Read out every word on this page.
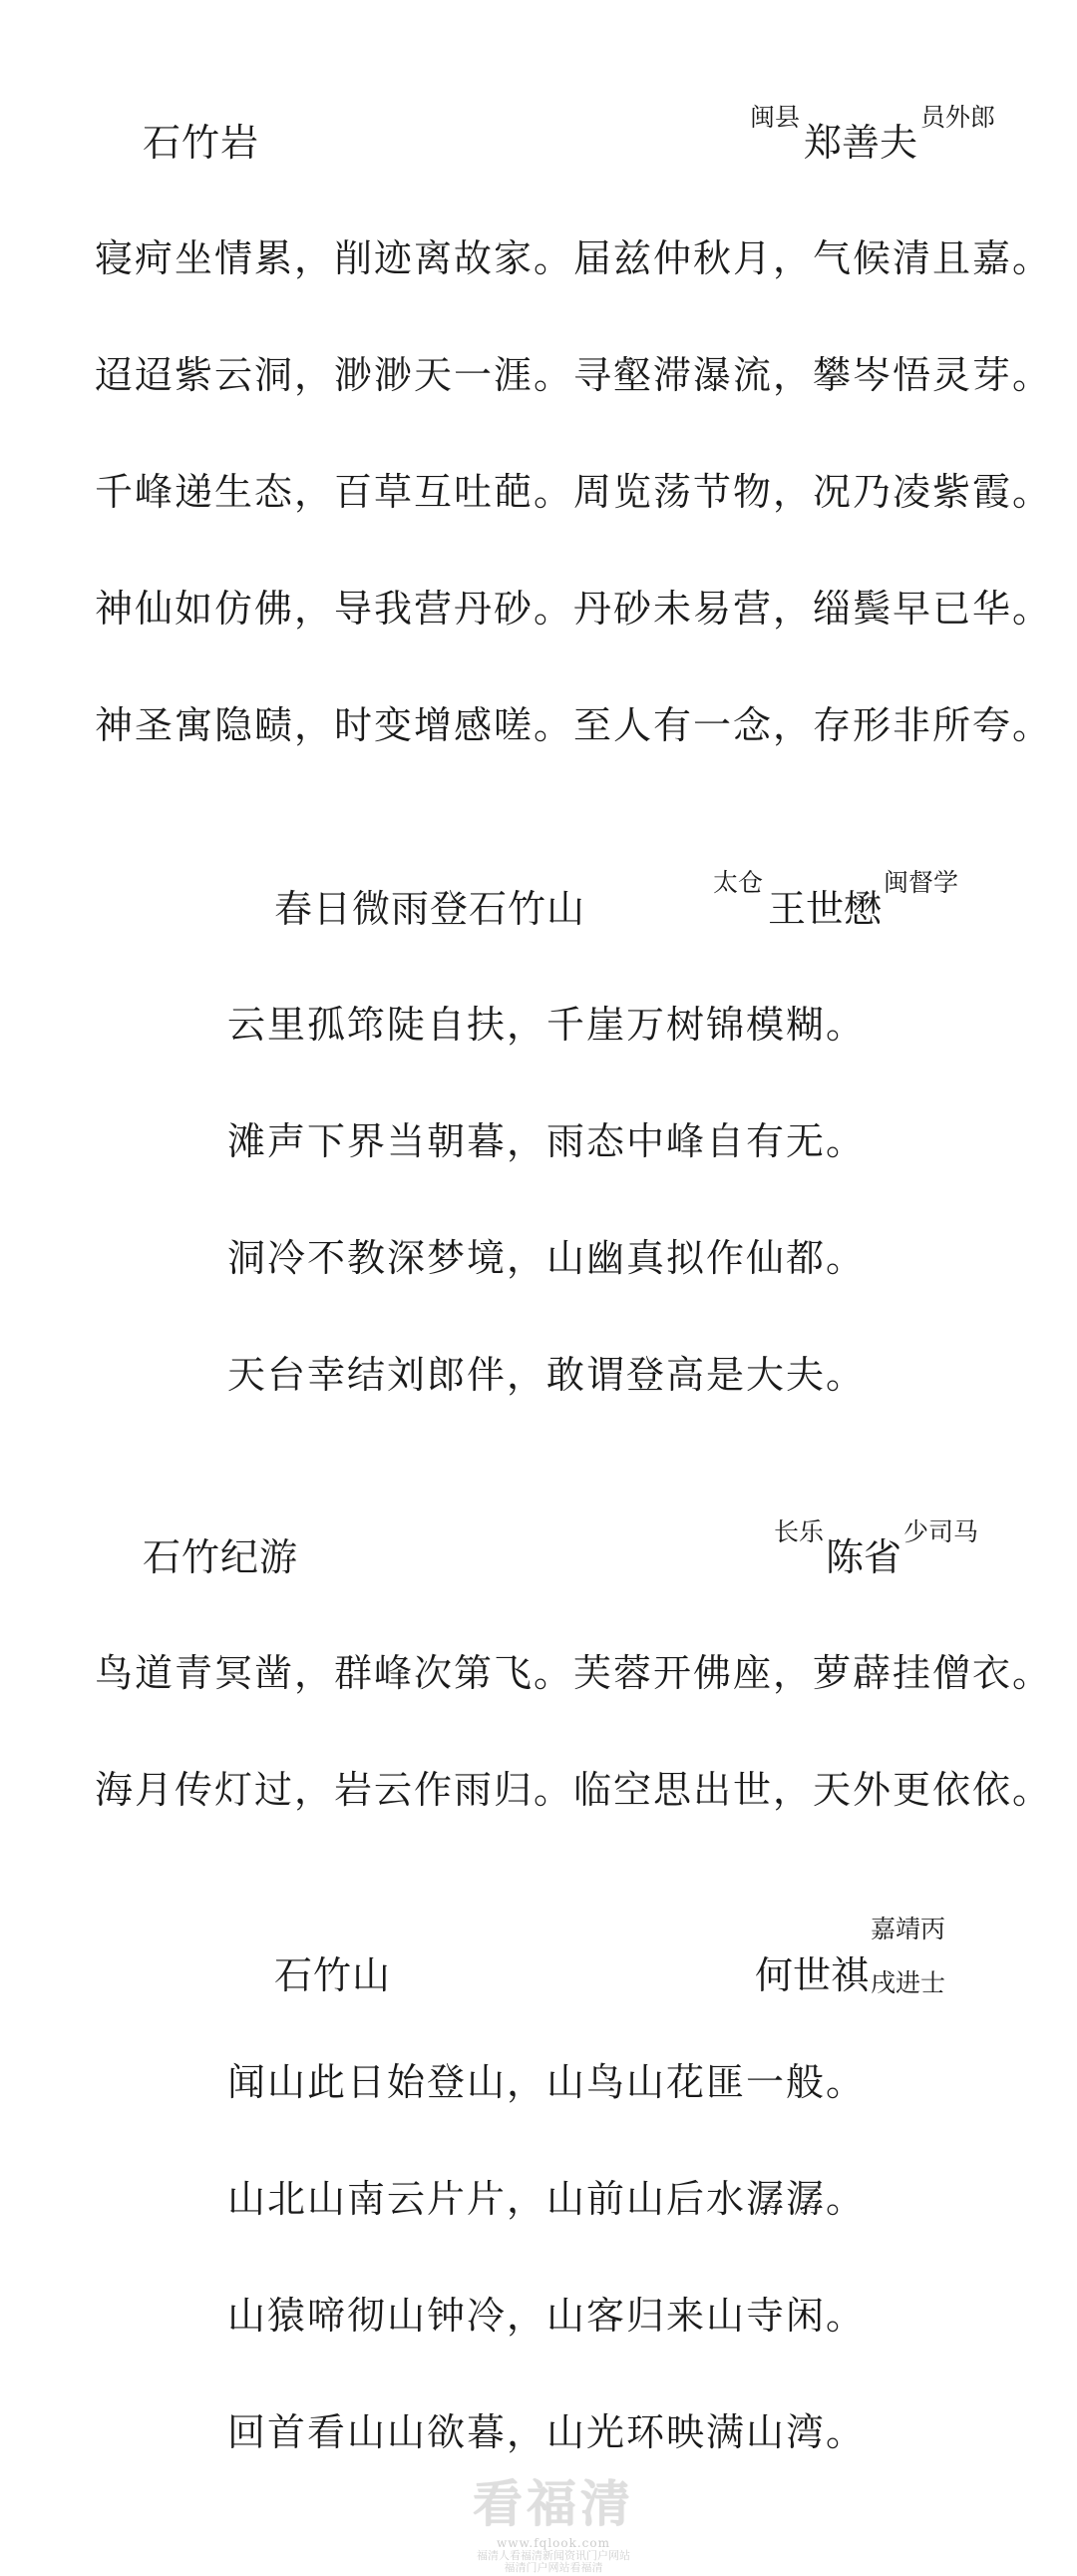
石竹岩
闽县
郑善夫
员外郎
寝疴坐情累，削迹离故家。届兹仲秋月，气候清且嘉。
迢迢紫云洞，渺渺天一涯。寻壑滞瀑流，攀岑悟灵芽。
千峰递生态，百草互吐葩。周览荡节物，况乃凌紫霞。
神仙如仿佛，导我营丹砂。丹砂未易营，缁鬓早已华。
神圣寓隐赜，时变增感嗟。至人有一念，存形非所夸。
春日微雨登石竹山
太仓
王世懋
闽督学
云里孤筇陡自扶，千崖万树锦模糊。
滩声下界当朝暮，雨态中峰自有无。
洞冷不教深梦境，山幽真拟作仙都。
天台幸结刘郎伴，敢谓登高是大夫。
石竹纪游
长乐
陈省
少司马
鸟道青冥凿，群峰次第飞。芙蓉开佛座，萝薜挂僧衣。
海月传灯过，岩云作雨归。临空思出世，天外更依依。
石竹山	何世祺
嘉靖丙
戌进士
闻山此日始登山，山鸟山花匪一般。
山北山南云片片，山前山后水潺潺。
山猿啼彻山钟冷，山客归来山寺闲。
回首看山山欲暮，山光环映满山湾。
看福清
www.fqlook.com
福清人看福清新闻资讯门户网站
福清门户网站看福清
